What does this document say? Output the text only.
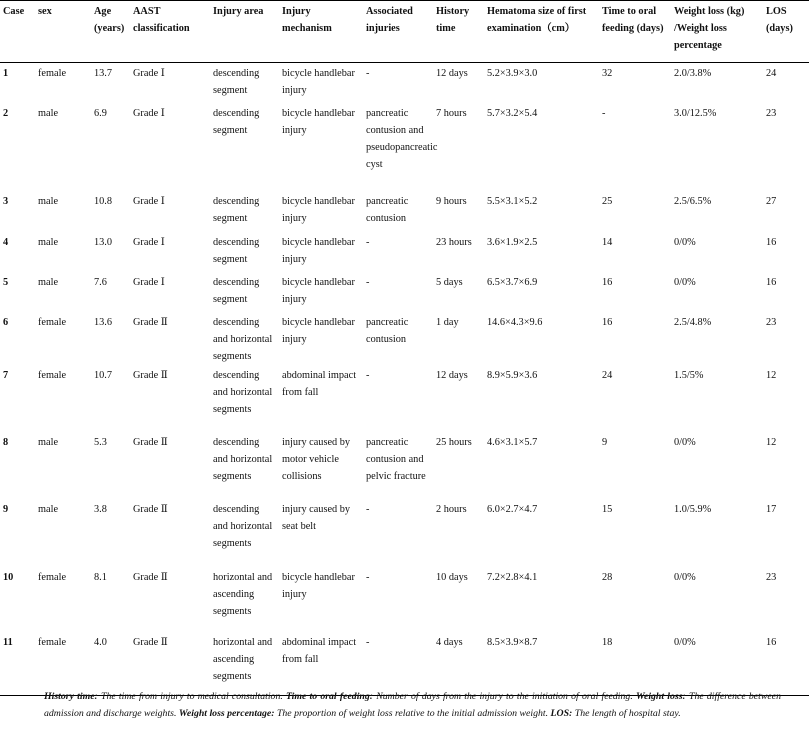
Case	sex	Age (years)	AAST classification	Injury area	Injury mechanism	Associated injuries	History time	Hematoma size of first examination（cm）	Time to oral feeding (days)	Weight loss (kg) /Weight loss percentage	LOS (days)
1	female	13.7	Grade Ⅰ	descending segment	bicycle handlebar injury	-	12 days	5.2×3.9×3.0	32	2.0/3.8%	24
2	male	6.9	Grade Ⅰ	descending segment	bicycle handlebar injury	pancreatic contusion and pseudopancreatic cyst	7 hours	5.7×3.2×5.4	-	3.0/12.5%	23
3	male	10.8	Grade Ⅰ	descending segment	bicycle handlebar injury	pancreatic contusion	9 hours	5.5×3.1×5.2	25	2.5/6.5%	27
4	male	13.0	Grade Ⅰ	descending segment	bicycle handlebar injury	-	23 hours	3.6×1.9×2.5	14	0/0%	16
5	male	7.6	Grade Ⅰ	descending segment	bicycle handlebar injury	-	5 days	6.5×3.7×6.9	16	0/0%	16
6	female	13.6	Grade Ⅱ	descending and horizontal segments	bicycle handlebar injury	pancreatic contusion	1 day	14.6×4.3×9.6	16	2.5/4.8%	23
7	female	10.7	Grade Ⅱ	descending and horizontal segments	abdominal impact from fall	-	12 days	8.9×5.9×3.6	24	1.5/5%	12
8	male	5.3	Grade Ⅱ	descending and horizontal segments	injury caused by motor vehicle collisions	pancreatic contusion and pelvic fracture	25 hours	4.6×3.1×5.7	9	0/0%	12
9	male	3.8	Grade Ⅱ	descending and horizontal segments	injury caused by seat belt	-	2 hours	6.0×2.7×4.7	15	1.0/5.9%	17
10	female	8.1	Grade Ⅱ	horizontal and ascending segments	bicycle handlebar injury	-	10 days	7.2×2.8×4.1	28	0/0%	23
11	female	4.0	Grade Ⅱ	horizontal and ascending segments	abdominal impact from fall	-	4 days	8.5×3.9×8.7	18	0/0%	16
History time: The time from injury to medical consultation. Time to oral feeding: Number of days from the injury to the initiation of oral feeding. Weight loss: The difference between admission and discharge weights. Weight loss percentage: The proportion of weight loss relative to the initial admission weight. LOS: The length of hospital stay.
